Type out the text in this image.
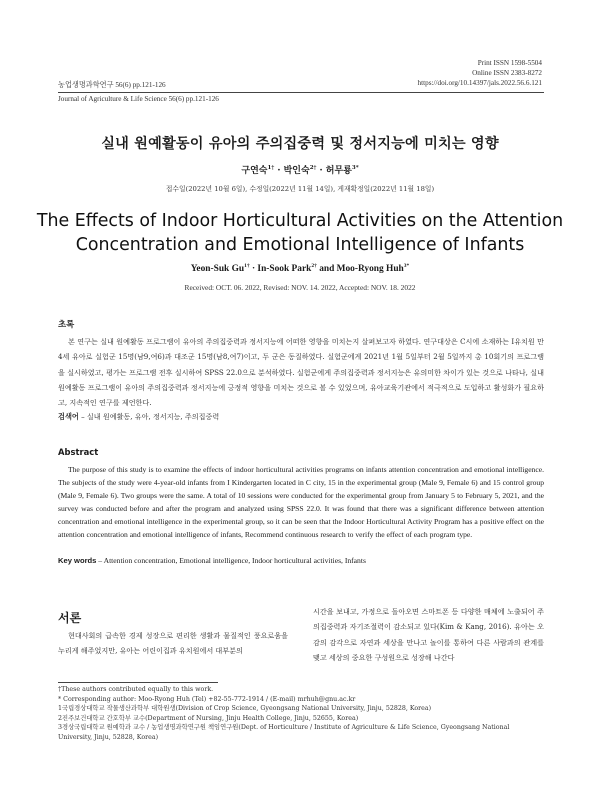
Print ISSN 1598-5504
Online ISSN 2383-8272
https://doi.org/10.14397/jals.2022.56.6.121
농업생명과학연구 56(6) pp.121-126
Journal of Agriculture & Life Science 56(6) pp.121-126
실내 원예활동이 유아의 주의집중력 및 정서지능에 미치는 영향
구연숙$^{1\dagger}$ · 박인숙$^{2\dagger}$ · 허무룡$^{3*}$
접수일(2022년 10월 6일), 수정일(2022년 11월 14일), 게재확정일(2022년 11월 18일)
The Effects of Indoor Horticultural Activities on the Attention
Concentration and Emotional Intelligence of Infants
Yeon-Suk $Gu^{1\dagger}$ · In-Sook Park$^{2\dagger}$ and Moo-Ryong Huh$^{3*}$
Received: OCT. 06. 2022, Revised: NOV. 14. 2022, Accepted: NOV. 18. 2022
초록
본 연구는 실내 원예활동 프로그램이 유아의 주의집중력과 정서지능에 어떠한 영향을 미치는지 살펴보고자 하였다. 연구대상은 C시에 소재하는 I유치원 만 4세 유아로 실험군 15명(남9,여6)과 대조군 15명(남8,여7)이고, 두 군은 동질하였다. 실험군에게 2021년 1월 5일부터 2월 5일까지 총 10회기의 프로그램을 실시하였고, 평가는 프로그램 전후 실시하여 SPSS 22.0으로 분석하였다. 실험군에게 주의집중력과 정서지능은 유의미한 차이가 있는 것으로 나타나, 실내 원예활동 프로그램이 유아의 주의집중력과 정서지능에 긍정적 영향을 미치는 것으로 볼 수 있었으며, 유아교육기관에서 적극적으로 도입하고 활성화가 필요하고, 지속적인 연구를 제언한다.
검색어 – 실내 원예활동, 유아, 정서지능, 주의집중력
Abstract
The purpose of this study is to examine the effects of indoor horticultural activities programs on infants attention concentration and emotional intelligence. The subjects of the study were 4-year-old infants from I Kindergarten located in C city, 15 in the experimental group (Male 9, Female 6) and 15 control group (Male 9, Female 6). Two groups were the same. A total of 10 sessions were conducted for the experimental group from January 5 to February 5, 2021, and the survey was conducted before and after the program and analyzed using SPSS 22.0. It was found that there was a significant difference between attention concentration and emotional intelligence in the experimental group, so it can be seen that the Indoor Horticultural Activity Program has a positive effect on the attention concentration and emotional intelligence of infants, Recommend continuous research to verify the effect of each program type.
Key words – Attention concentration, Emotional intelligence, Indoor horticultural activities, Infants
서론
현대사회의 급속한 경제 성장으로 편리한 생활과 물질적인 풍요로움을 누리게 해주었지만, 유아는 어린이집과 유치원에서 대부분의
시간을 보내고, 가정으로 돌아오면 스마트폰 등 다양한 매체에 노출되어 주의집중력과 자기조절력이 감소되고 있다(Kim & Kang, 2016). 유아는 오감의 감각으로 자연과 세상을 만나고 놀이를 통하여 다른 사람과의 관계를 맺고 세상의 중요한 구성원으로 성장해 나간다

†These authors contributed equally to this work.

* Corresponding author: Moo-Ryong Huh (Tel) +82-55-772-1914 / (E-mail) mrhuh@gnu.ac.kr

1국립경상대학교 작물생산과학부 대학원생(Division of Crop Science, Gyeongsang National University, Jinju, 52828, Korea)

2진주보건대학교 간호학부 교수(Department of Nursing, Jinju Health College, Jinju, 52655, Korea)

3경상국립대학교 원예학과 교수 / 농업생명과학연구원 책임연구원(Dept. of Horticulture / Institute of Agriculture & Life Science, Gyeongsang National University, Jinju, 52828, Korea)
